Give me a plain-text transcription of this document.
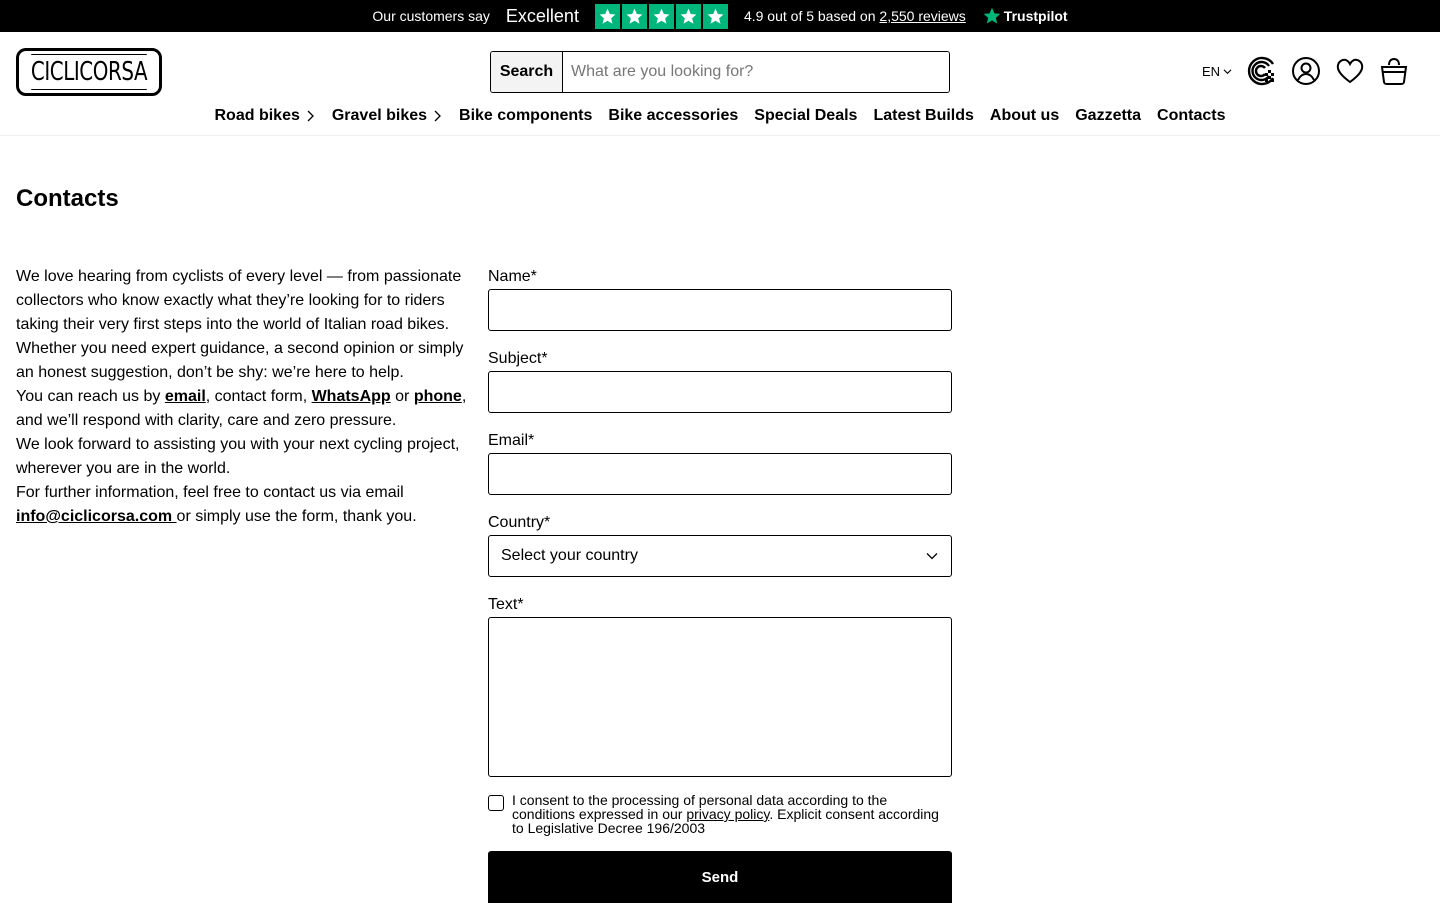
Our customers say Excellent	4.9 out of 5 based on 2,550 reviews	Trustpilot
CICLICORSA	Search
What are you looking for?	EN
Road bikes Gravel bikes Bike components Bike accessories Special Deals Latest Builds About us Gazzetta Contacts
Contacts

We love hearing from cyclists of every level — from passionate collectors who know exactly what they’re looking for to riders taking their very first steps into the world of Italian road bikes. Whether you need expert guidance, a second opinion or simply an honest suggestion, don’t be shy: we’re here to help.

You can reach us by email, contact form, WhatsApp or phone, and we’ll respond with clarity, care and zero pressure.

We look forward to assisting you with your next cycling project, wherever you are in the world.

For further information, feel free to contact us via email info@ciclicorsa.com or simply use the form, thank you.

Name*
Subject*
Email*
Country*
Select your country
Text*
I consent to the processing of personal data according to the conditions expressed in our privacy policy. Explicit consent according to Legislative Decree 196/2003
Send
